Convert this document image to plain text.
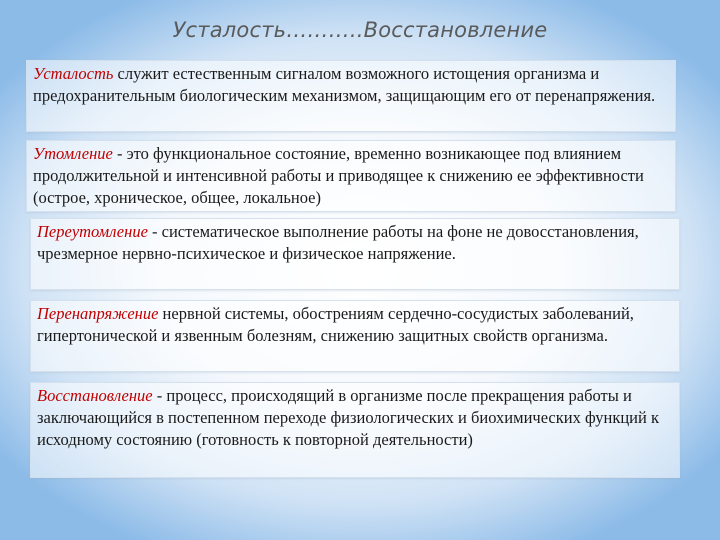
Усталость………..Восстановление
Усталость служит естественным сигналом возможного истощения организма и предохранительным биологическим механизмом, защищающим его от перенапряжения.
Утомление - это функциональное состояние, временно возникающее под влиянием продолжительной и интенсивной работы и приводящее к снижению ее эффективности (острое, хроническое, общее, локальное)
Переутомление - систематическое выполнение работы на фоне не довосстановления, чрезмерное нервно-психическое и физическое напряжение.
Перенапряжение нервной системы, обострениям сердечно-сосудистых заболеваний, гипертонической и язвенным болезням, снижению защитных свойств организма.
Восстановление - процесс, происходящий в организме после прекращения работы и заключающийся в постепенном переходе физиологических и биохимических функций к исходному состоянию (готовность к повторной деятельности)
